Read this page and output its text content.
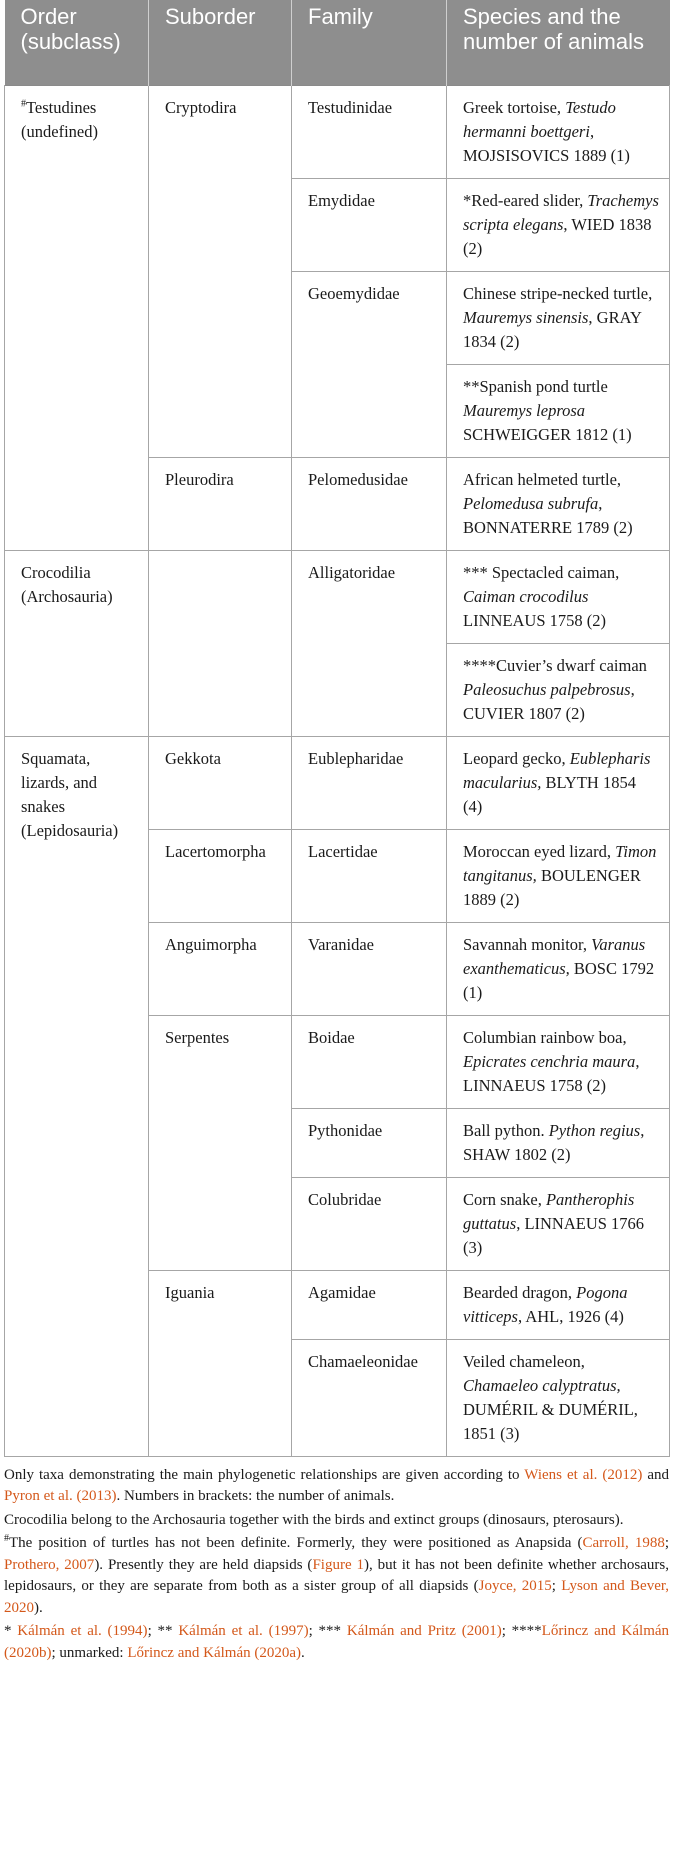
Order (subclass)	Suborder	Family	Species and the number of animals
#Testudines (undefined)	Cryptodira	Testudinidae	Greek tortoise, Testudo hermanni boettgeri, MOJSISOVICS 1889 (1)
		Emydidae	*Red-eared slider, Trachemys scripta elegans, WIED 1838 (2)
		Geoemydidae	Chinese stripe-necked turtle, Mauremys sinensis, GRAY 1834 (2)
			**Spanish pond turtle Mauremys leprosa SCHWEIGGER 1812 (1)
	Pleurodira	Pelomedusidae	African helmeted turtle, Pelomedusa subrufa, BONNATERRE 1789 (2)
Crocodilia (Archosauria)		Alligatoridae	*** Spectacled caiman, Caiman crocodilus LINNEAUS 1758 (2)
			****Cuvier’s dwarf caiman Paleosuchus palpebrosus, CUVIER 1807 (2)
Squamata, lizards, and snakes (Lepidosauria)	Gekkota	Eublepharidae	Leopard gecko, Eublepharis macularius, BLYTH 1854 (4)
	Lacertomorpha	Lacertidae	Moroccan eyed lizard, Timon tangitanus, BOULENGER 1889 (2)
	Anguimorpha	Varanidae	Savannah monitor, Varanus exanthematicus, BOSC 1792 (1)
	Serpentes	Boidae	Columbian rainbow boa, Epicrates cenchria maura, LINNAEUS 1758 (2)
		Pythonidae	Ball python. Python regius, SHAW 1802 (2)
		Colubridae	Corn snake, Pantherophis guttatus, LINNAEUS 1766 (3)
	Iguania	Agamidae	Bearded dragon, Pogona vitticeps, AHL, 1926 (4)
		Chamaeleonidae	Veiled chameleon, Chamaeleo calyptratus, DUMÉRIL & DUMÉRIL, 1851 (3)

Only taxa demonstrating the main phylogenetic relationships are given according to Wiens et al. (2012) and Pyron et al. (2013). Numbers in brackets: the number of animals.

Crocodilia belong to the Archosauria together with the birds and extinct groups (dinosaurs, pterosaurs).

#The position of turtles has not been definite. Formerly, they were positioned as Anapsida (Carroll, 1988; Prothero, 2007). Presently they are held diapsids (Figure 1), but it has not been definite whether archosaurs, lepidosaurs, or they are separate from both as a sister group of all diapsids (Joyce, 2015; Lyson and Bever, 2020).

* Kálmán et al. (1994); ** Kálmán et al. (1997); *** Kálmán and Pritz (2001); ****Lőrincz and Kálmán (2020b); unmarked: Lőrincz and Kálmán (2020a).
